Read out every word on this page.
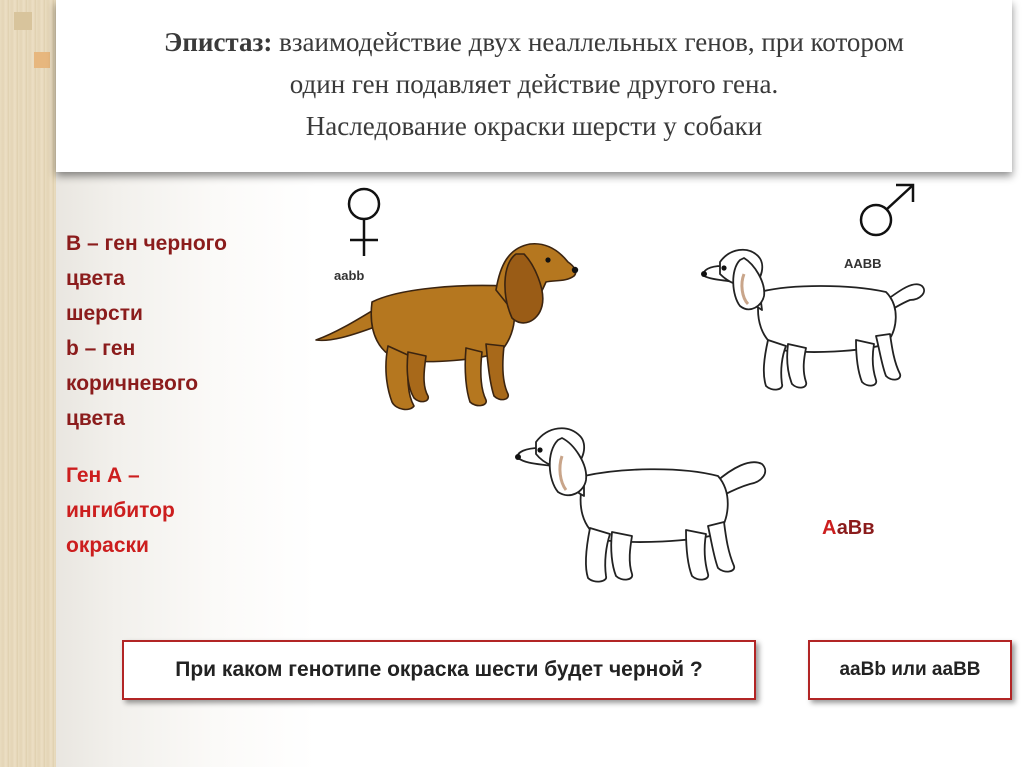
Эпистаз: взаимодействие двух неаллельных генов, при котором
один ген подавляет действие другого гена.
Наследование окраски шерсти у собаки
B – ген черного
цвета
шерсти
b – ген
коричневого
цвета
Ген А –
ингибитор
окраски
aabb
AABB
АаВв
При каком генотипе окраска шести будет черной ?	aaBb или aaBB
